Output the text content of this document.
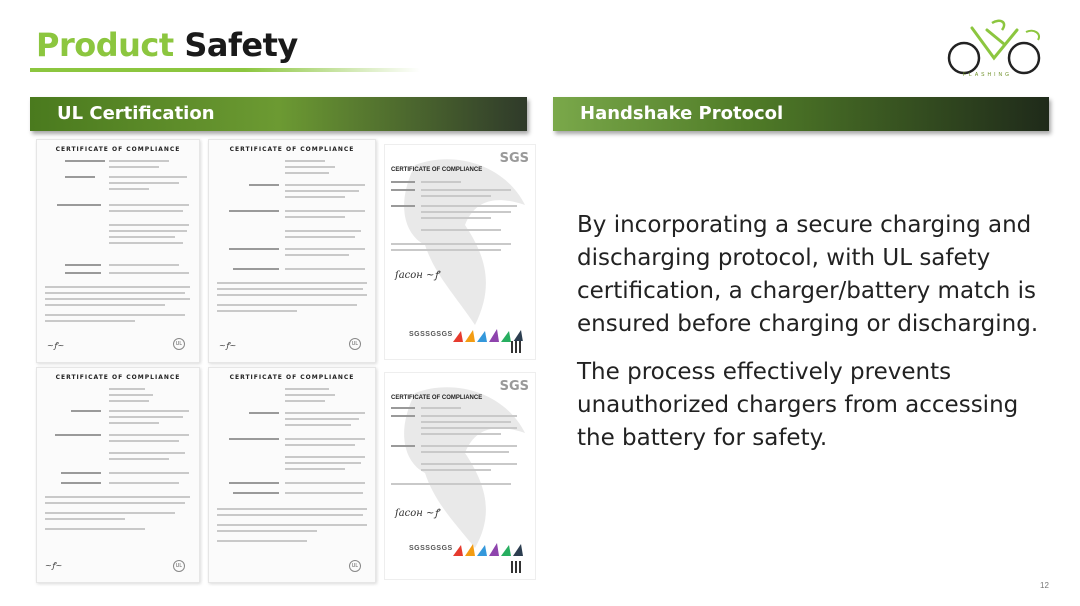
Product Safety
FLASHING
UL Certification	Handshake Protocol
CERTIFICATE OF COMPLIANCE
~ꝭ~	UL
CERTIFICATE OF COMPLIANCE
~ꝭ~	UL
CERTIFICATE OF COMPLIANCE
~ꝭ~	UL
CERTIFICATE OF COMPLIANCE
UL
SGS
CERTIFICATE OF COMPLIANCE
ſaсон ~ꝭ
SGSSGSGS
SGS
CERTIFICATE OF COMPLIANCE
ſaсон ~ꝭ
SGSSGSGS

By incorporating a secure charging and discharging protocol, with UL safety certification, a charger/battery match is ensured before charging or discharging.

The process effectively prevents unauthorized chargers from accessing the battery for safety.

12
